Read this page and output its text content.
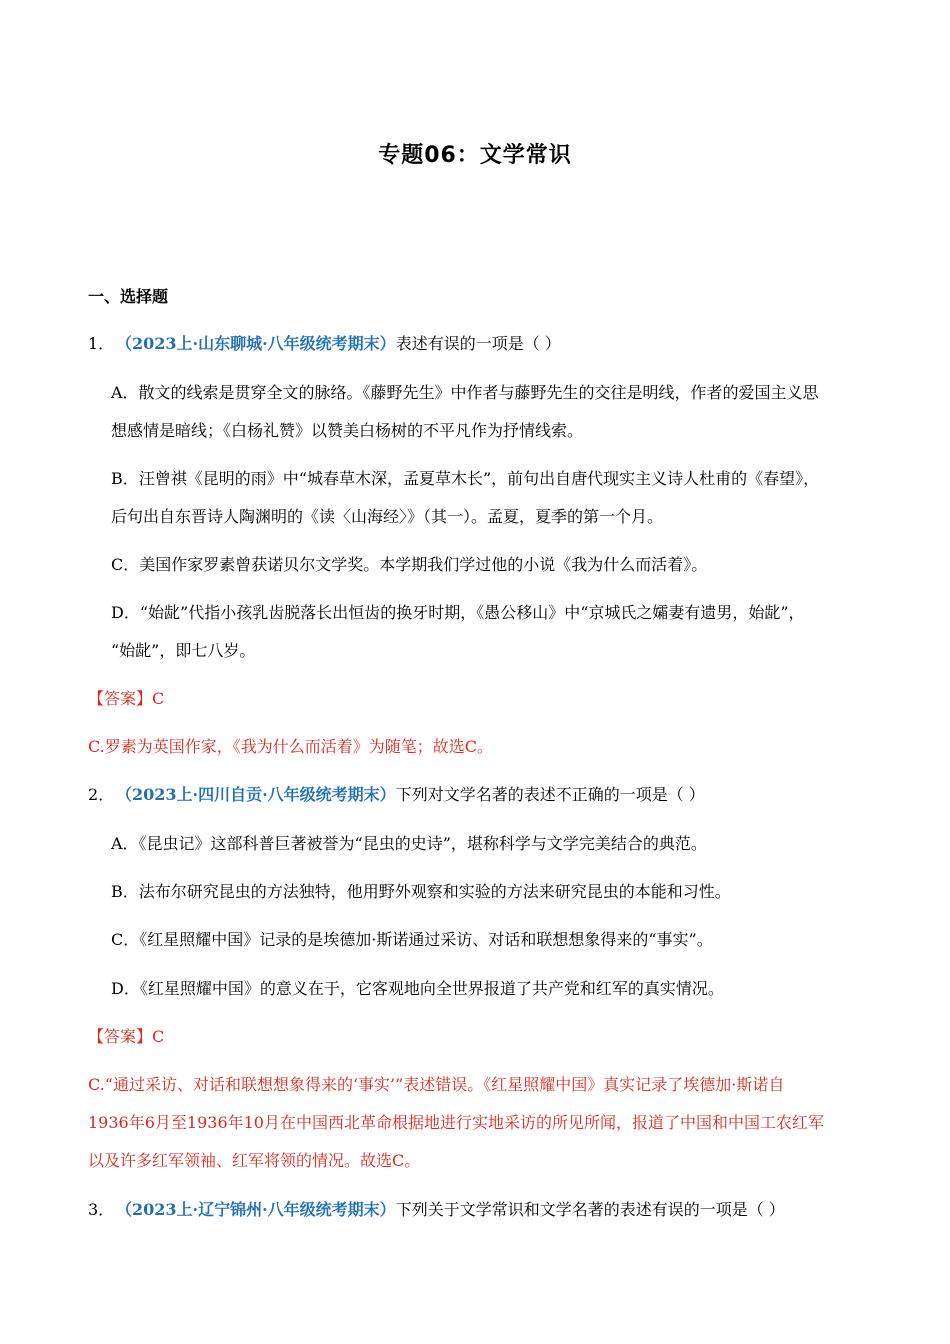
专题06：文学常识
一、选择题
1． （2023上·山东聊城·八年级统考期末）表述有误的一项是（ ）
A．散文的线索是贯穿全文的脉络。《藤野先生》中作者与藤野先生的交往是明线，作者的爱国主义思
想感情是暗线；《白杨礼赞》以赞美白杨树的不平凡作为抒情线索。
B．汪曾祺《昆明的雨》中“城春草木深，孟夏草木长”，前句出自唐代现实主义诗人杜甫的《春望》，
后句出自东晋诗人陶渊明的《读〈山海经〉》（其一）。孟夏，夏季的第一个月。
C．美国作家罗素曾获诺贝尔文学奖。本学期我们学过他的小说《我为什么而活着》。
D．“始龀”代指小孩乳齿脱落长出恒齿的换牙时期，《愚公移山》中“京城氏之孀妻有遗男，始龀”，
“始龀”，即七八岁。
【答案】C
C.罗素为英国作家，《我为什么而活着》为随笔；故选C。
2． （2023上·四川自贡·八年级统考期末）下列对文学名著的表述不正确的一项是（ ）
A．《昆虫记》这部科普巨著被誉为“昆虫的史诗”，堪称科学与文学完美结合的典范。
B．法布尔研究昆虫的方法独特，他用野外观察和实验的方法来研究昆虫的本能和习性。
C．《红星照耀中国》记录的是埃德加·斯诺通过采访、对话和联想想象得来的“事实”。
D．《红星照耀中国》的意义在于，它客观地向全世界报道了共产党和红军的真实情况。
【答案】C
C.“通过采访、对话和联想想象得来的‘事实’”表述错误。《红星照耀中国》真实记录了埃德加·斯诺自
1936年6月至1936年10月在中国西北革命根据地进行实地采访的所见所闻，报道了中国和中国工农红军
以及许多红军领袖、红军将领的情况。故选C。
3． （2023上·辽宁锦州·八年级统考期末）下列关于文学常识和文学名著的表述有误的一项是（ ）
